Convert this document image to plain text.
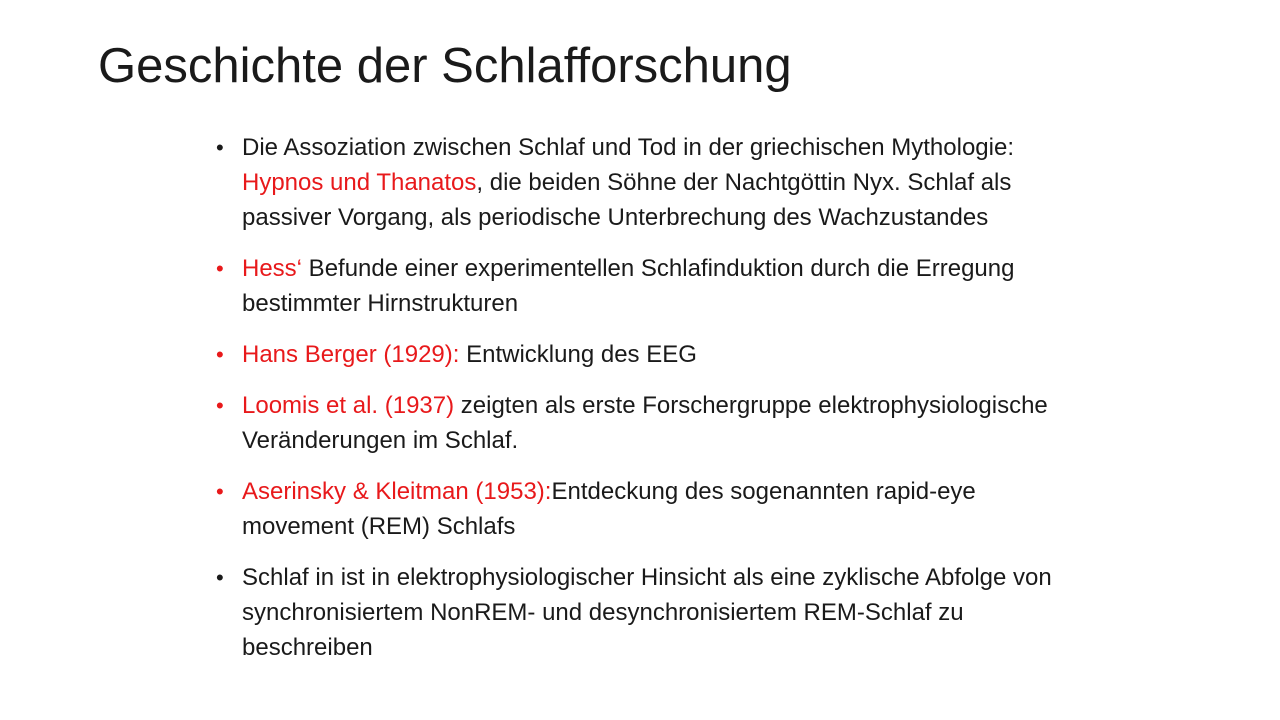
Geschichte der Schlafforschung
• Die Assoziation zwischen Schlaf und Tod in der griechischen Mythologie: Hypnos und Thanatos, die beiden Söhne der Nachtgöttin Nyx. Schlaf als passiver Vorgang, als periodische Unterbrechung des Wachzustandes
• Hess‘ Befunde einer experimentellen Schlafinduktion durch die Erregung bestimmter Hirnstrukturen
• Hans Berger (1929): Entwicklung des EEG
• Loomis et al. (1937) zeigten als erste Forschergruppe elektrophysiologische Veränderungen im Schlaf.
• Aserinsky & Kleitman (1953):Entdeckung des sogenannten rapid-eye movement (REM) Schlafs
• Schlaf in ist in elektrophysiologischer Hinsicht als eine zyklische Abfolge von synchronisiertem NonREM- und desynchronisiertem REM-Schlaf zu beschreiben
